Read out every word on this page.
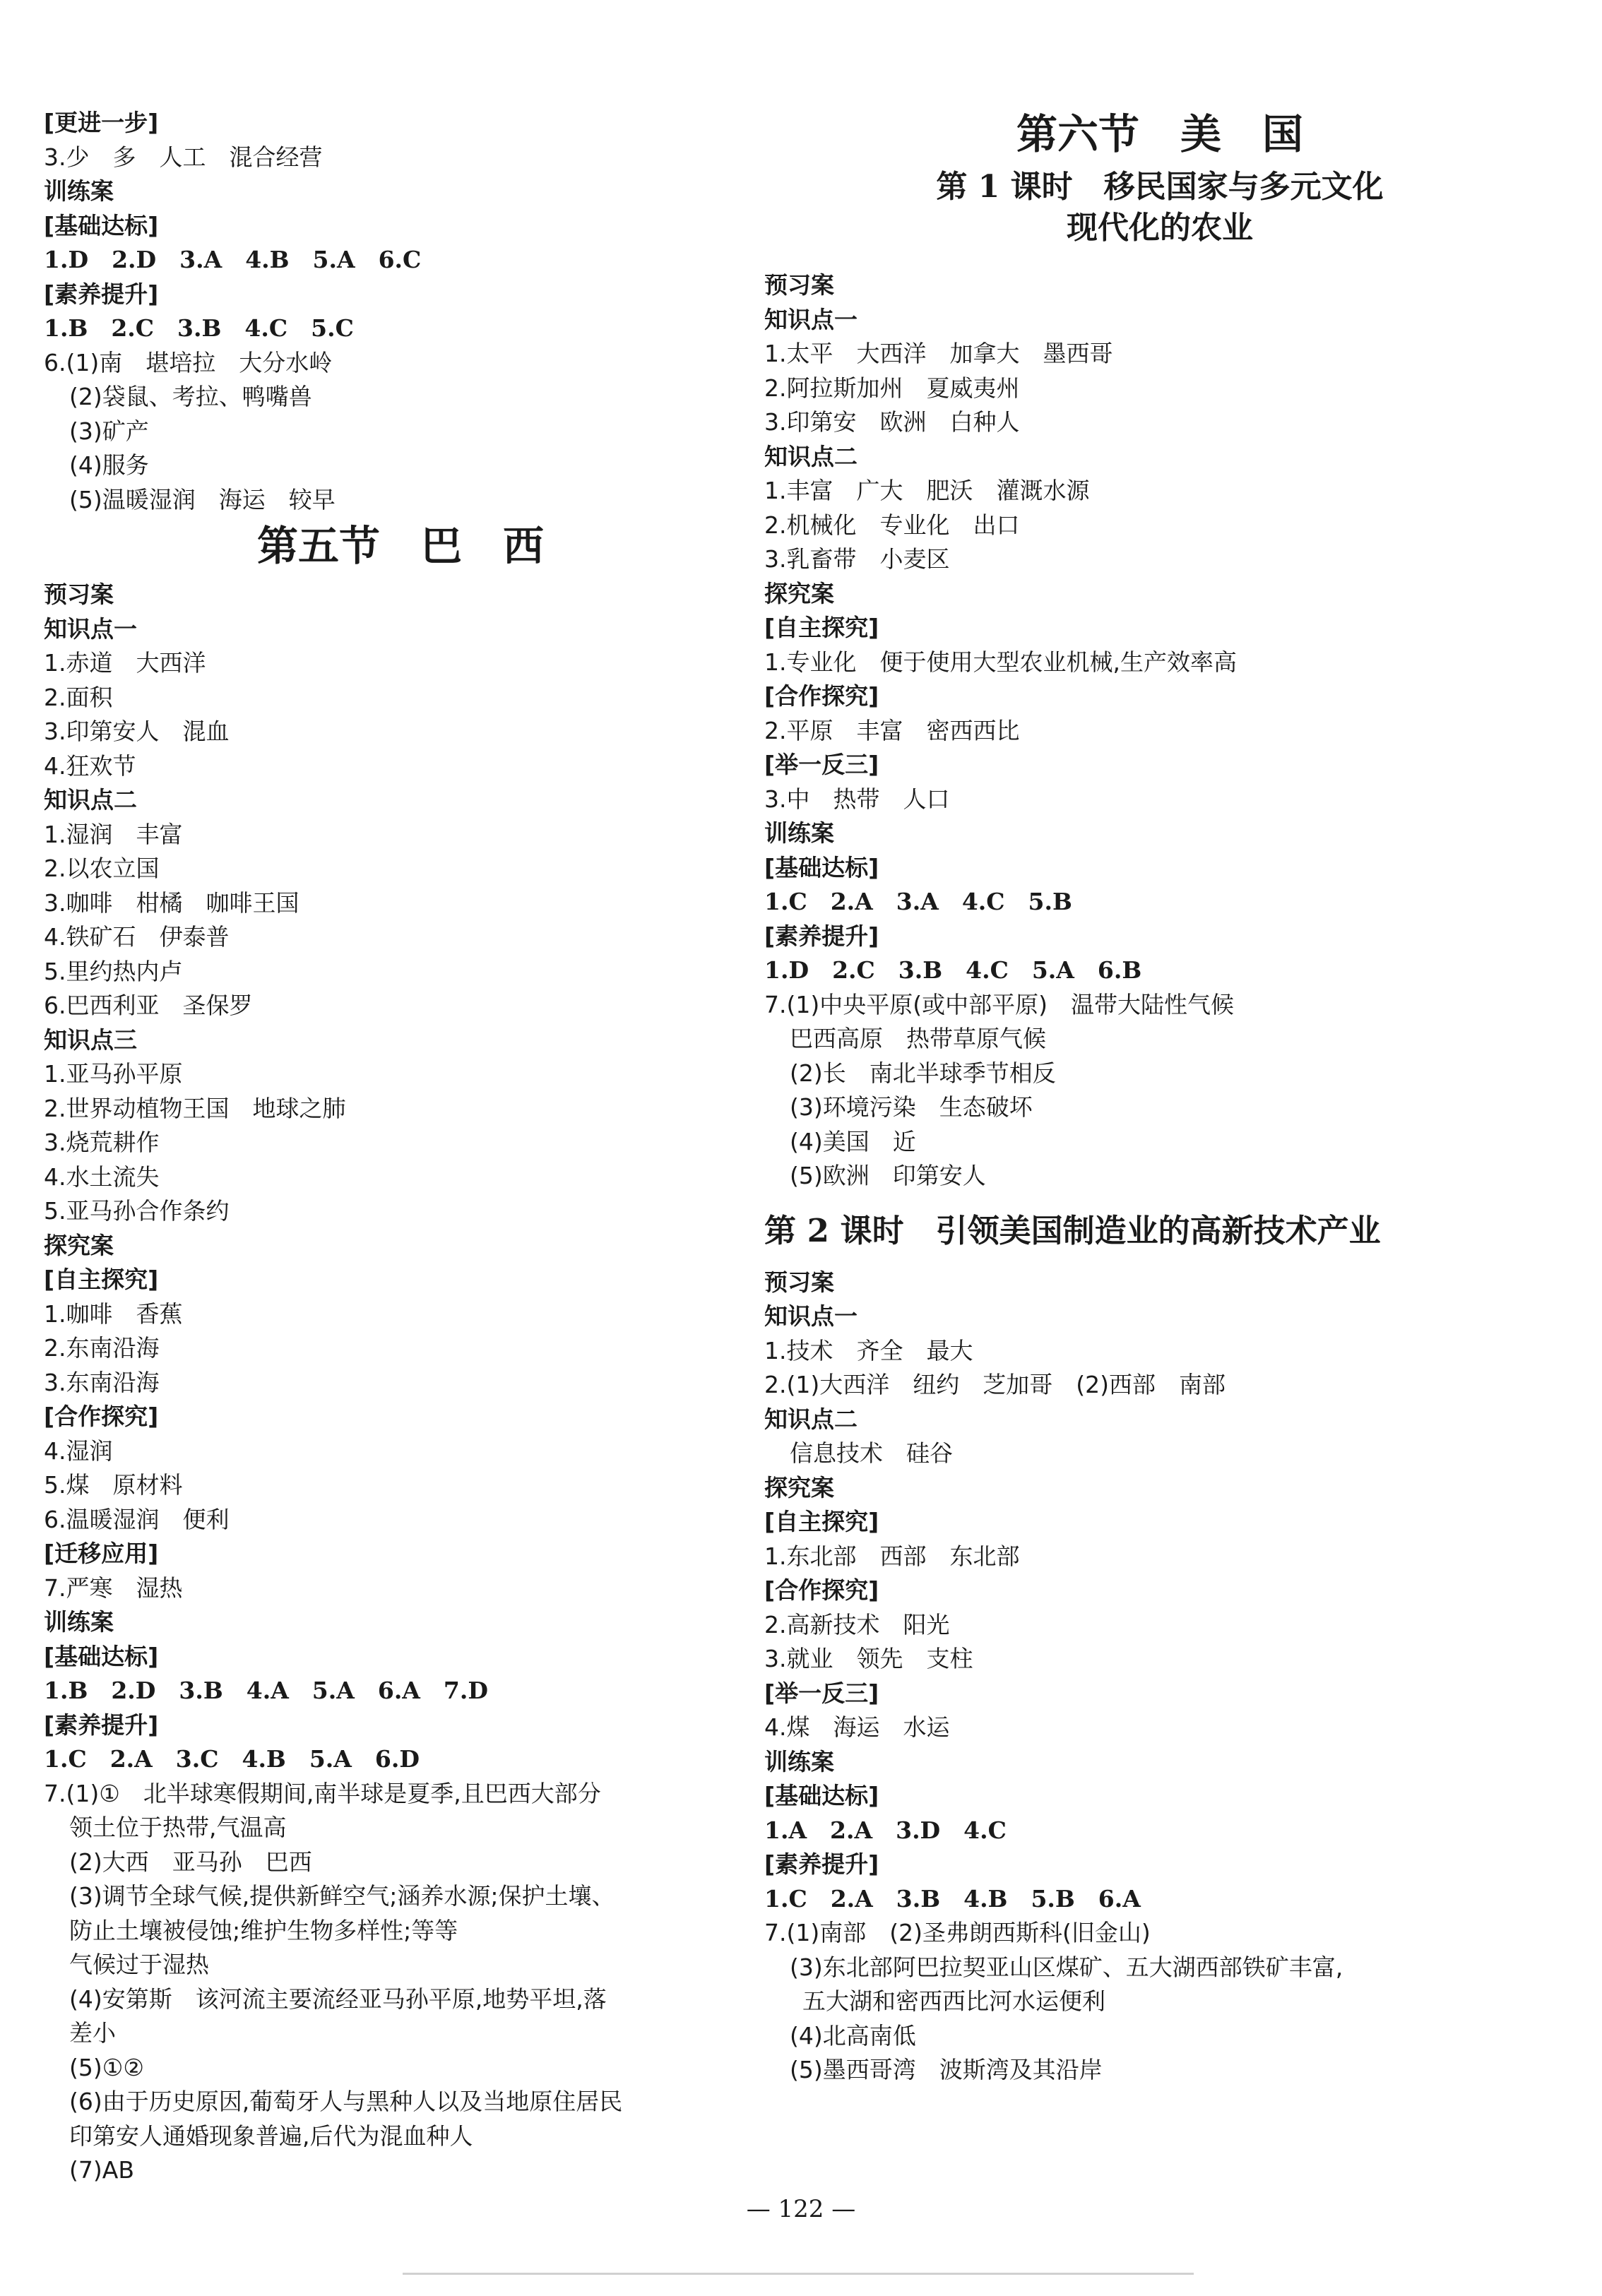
[更进一步]
3.少　多　人工　混合经营
训练案
[基础达标]
1.D　2.D　3.A　4.B　5.A　6.C
[素养提升]
1.B　2.C　3.B　4.C　5.C
6.(1)南　堪培拉　大分水岭
(2)袋鼠、考拉、鸭嘴兽
(3)矿产
(4)服务
(5)温暖湿润　海运　较早
第五节　巴　西
预习案
知识点一
1.赤道　大西洋
2.面积
3.印第安人　混血
4.狂欢节
知识点二
1.湿润　丰富
2.以农立国
3.咖啡　柑橘　咖啡王国
4.铁矿石　伊泰普
5.里约热内卢
6.巴西利亚　圣保罗
知识点三
1.亚马孙平原
2.世界动植物王国　地球之肺
3.烧荒耕作
4.水土流失
5.亚马孙合作条约
探究案
[自主探究]
1.咖啡　香蕉
2.东南沿海
3.东南沿海
[合作探究]
4.湿润
5.煤　原材料
6.温暖湿润　便利
[迁移应用]
7.严寒　湿热
训练案
[基础达标]
1.B　2.D　3.B　4.A　5.A　6.A　7.D
[素养提升]
1.C　2.A　3.C　4.B　5.A　6.D
7.(1)①　北半球寒假期间,南半球是夏季,且巴西大部分
领土位于热带,气温高
(2)大西　亚马孙　巴西
(3)调节全球气候,提供新鲜空气;涵养水源;保护土壤、
防止土壤被侵蚀;维护生物多样性;等等
气候过于湿热
(4)安第斯　该河流主要流经亚马孙平原,地势平坦,落
差小
(5)①②
(6)由于历史原因,葡萄牙人与黑种人以及当地原住居民
印第安人通婚现象普遍,后代为混血种人
(7)AB
第六节　美　国
第 1 课时　移民国家与多元文化
现代化的农业
预习案
知识点一
1.太平　大西洋　加拿大　墨西哥
2.阿拉斯加州　夏威夷州
3.印第安　欧洲　白种人
知识点二
1.丰富　广大　肥沃　灌溉水源
2.机械化　专业化　出口
3.乳畜带　小麦区
探究案
[自主探究]
1.专业化　便于使用大型农业机械,生产效率高
[合作探究]
2.平原　丰富　密西西比
[举一反三]
3.中　热带　人口
训练案
[基础达标]
1.C　2.A　3.A　4.C　5.B
[素养提升]
1.D　2.C　3.B　4.C　5.A　6.B
7.(1)中央平原(或中部平原)　温带大陆性气候
巴西高原　热带草原气候
(2)长　南北半球季节相反
(3)环境污染　生态破坏
(4)美国　近
(5)欧洲　印第安人
第 2 课时　引领美国制造业的高新技术产业
预习案
知识点一
1.技术　齐全　最大
2.(1)大西洋　纽约　芝加哥　(2)西部　南部
知识点二
信息技术　硅谷
探究案
[自主探究]
1.东北部　西部　东北部
[合作探究]
2.高新技术　阳光
3.就业　领先　支柱
[举一反三]
4.煤　海运　水运
训练案
[基础达标]
1.A　2.A　3.D　4.C
[素养提升]
1.C　2.A　3.B　4.B　5.B　6.A
7.(1)南部　(2)圣弗朗西斯科(旧金山)
(3)东北部阿巴拉契亚山区煤矿、五大湖西部铁矿丰富,
五大湖和密西西比河水运便利
(4)北高南低
(5)墨西哥湾　波斯湾及其沿岸
— 122 —
